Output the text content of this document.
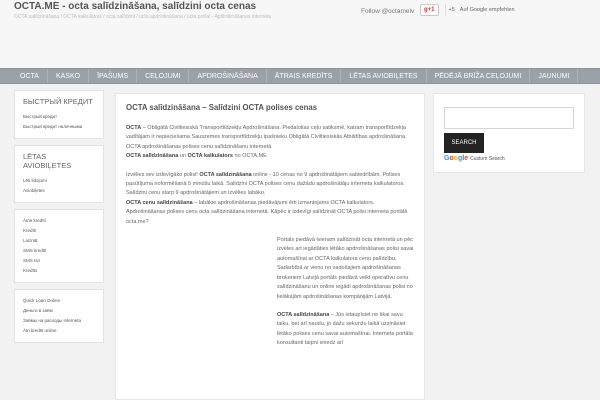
OCTA.ME - octa salīdzināšana, salīdzini octa cenas
OCTA salīdzināšana / OCTA kalkulators / octa salīdzini / octa apdrošināšana / octa portal - Apdrošināšanas interneta
Follow @octamelv	g+1	+5 Auf Google empfehlen
OCTA	KASKO	ĪPAŠUMS	CEĻOJUMI	APDROŠINĀŠANA	ĀTRAIS KREDĪTS	LĒTAS AVIOBIĻETES	PĒDĒJĀ BRĪŽA CEĻOJUMI	JAUNUMI
БЫСТРЫЙ КРЕДИТ
Быстрый кредит
Быстрый кредит наличными
LĒTAS AVIOBIĻETES
Lēti lidojumi
Aviobiļetes
Ātrie kredīti
Kredīti
Laiznāt
SMS kredīti
SMS īsn
Kredīts
Quick Loan Online
Деньги в заём
Займы на расходы interneta
Ātri kredīti online
OCTA salīdzināšana – Salīdzini OCTA polises cenas

OCTA – Obligātā Civiltiesiskā Transportlīdzekļu Apdrošināšana. Piedalotias ceļu satiksmē, katram transportlīdzekļa vadītājam ir nepieciešama Sauszemes transportlīdzekļu īpašnieku Obligātā Civiltiesiskās Atbildības apdrošināšana. OCTA apdrošināšanas polises cenu salīdzināšanu internetā.
OCTA salīdzināšana un OCTA kalkulators no OCTA.ME

Izvēlies sev izdevīgāko polisi! OCTA salīdzināšana online - 10 cenas no 9 apdrošinātājiem sabiedrībām. Polises pasūtījuma noformēšanā 5 minūšu laikā. Salīdzini OCTA polises cenu dažādu apdrošinātāju interneta kalkulatoros. Salīdzini cenu starp 9 apdrošinātājiem un izvēlies labāko.
OCTA cenu salīdzināšana – labākie apdrošināšanas piedāvājumi ērti izmantojams OCTA kalkulators. Apdrošināšanas polises cenu octa salīdzināšana internetā. Kāpēc ir izdevīgi salīdzināt OCTA polisi interneta portālā octa.me?

Portals piedāvā ivienam salīdzināt octa internetā un pēc izvēles art iegādāties lētāko apdrošināšanas polisi savai automašīnai ar OCTA kalkulatora cenu palīdzību. Sadarbībā ar vienu no vadošajiem apdrošināšanas brokeriem Latvijā portāls piedāvā veikt operatīvu cenu salīdzināšanu un online iegādi apdrošināšanas polisi no lielākajām apdrošināšanas kompānijām Latvijā.

OCTA salīdzināšana – Jūs ietaupīsiet ne tikai savu laiku, bet arī naudu, jo dažu sekunžu laikā uzzināsiet lētāko polises cenu savai automašīnai. Interneta portāla konsultanti taipni sniedz arī

SEARCH
Google Custom Search
